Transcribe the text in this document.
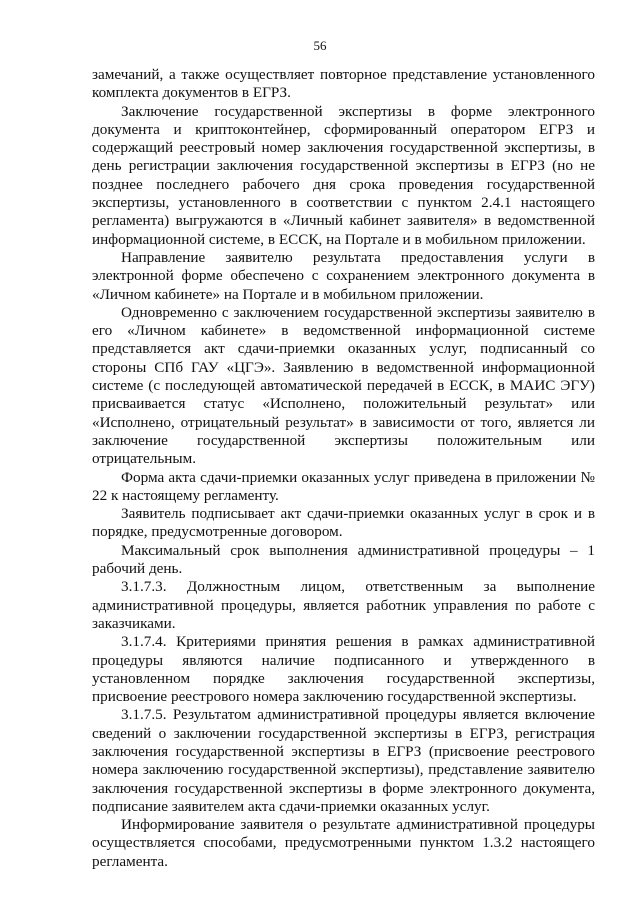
56

замечаний, а также осуществляет повторное представление установленного комплекта документов в ЕГРЗ.

Заключение государственной экспертизы в форме электронного документа и криптоконтейнер, сформированный оператором ЕГРЗ и содержащий реестровый номер заключения государственной экспертизы, в день регистрации заключения государственной экспертизы в ЕГРЗ (но не позднее последнего рабочего дня срока проведения государственной экспертизы, установленного в соответствии с пунктом 2.4.1 настоящего регламента) выгружаются в «Личный кабинет заявителя» в ведомственной информационной системе, в ЕССК, на Портале и в мобильном приложении.

Направление заявителю результата предоставления услуги в электронной форме обеспечено с сохранением электронного документа в «Личном кабинете» на Портале и в мобильном приложении.

Одновременно с заключением государственной экспертизы заявителю в его «Личном кабинете» в ведомственной информационной системе представляется акт сдачи-приемки оказанных услуг, подписанный со стороны СПб ГАУ «ЦГЭ». Заявлению в ведомственной информационной системе (с последующей автоматической передачей в ЕССК, в МАИС ЭГУ) присваивается статус «Исполнено, положительный результат» или «Исполнено, отрицательный результат» в зависимости от того, является ли заключение государственной экспертизы положительным или отрицательным.

Форма акта сдачи-приемки оказанных услуг приведена в приложении № 22 к настоящему регламенту.

Заявитель подписывает акт сдачи-приемки оказанных услуг в срок и в порядке, предусмотренные договором.

Максимальный срок выполнения административной процедуры – 1 рабочий день.

3.1.7.3. Должностным лицом, ответственным за выполнение административной процедуры, является работник управления по работе с заказчиками.

3.1.7.4. Критериями принятия решения в рамках административной процедуры являются наличие подписанного и утвержденного в установленном порядке заключения государственной экспертизы, присвоение реестрового номера заключению государственной экспертизы.

3.1.7.5. Результатом административной процедуры является включение сведений о заключении государственной экспертизы в ЕГРЗ, регистрация заключения государственной экспертизы в ЕГРЗ (присвоение реестрового номера заключению государственной экспертизы), представление заявителю заключения государственной экспертизы в форме электронного документа, подписание заявителем акта сдачи-приемки оказанных услуг.

Информирование заявителя о результате административной процедуры осуществляется способами, предусмотренными пунктом 1.3.2 настоящего регламента.
